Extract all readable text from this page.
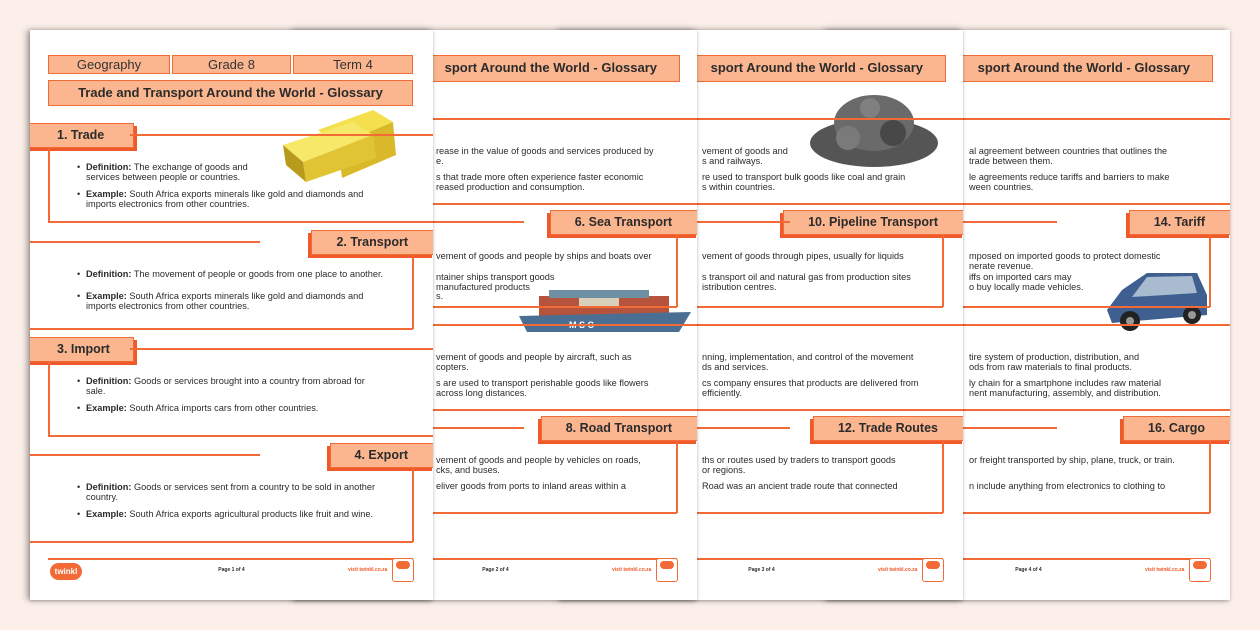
Geography	Grade 8	Term 4
Trade and Transport Around the World - Glossary
1. Trade
• Definition: The exchange of goods and
services between people or countries.
• Example: South Africa exports minerals like gold and diamonds and
imports electronics from other countries.
2. Transport
• Definition: The movement of people or goods from one place to another.
• Example: South Africa exports minerals like gold and diamonds and
imports electronics from other countries.
3. Import
• Definition: Goods or services brought into a country from abroad for
sale.
• Example: South Africa imports cars from other countries.
4. Export
• Definition: Goods or services sent from a country to be sold in another
country.
• Example: South Africa exports agricultural products like fruit and wine.
twinkl	Page 1 of 4	visit twinkl.co.za
sport Around the World - Glossary
rease in the value of goods and services produced by
e.
s that trade more often experience faster economic
reased production and consumption.
6. Sea Transport
vement of goods and people by ships and boats over
ntainer ships transport goods
manufactured products
s.
vement of goods and people by aircraft, such as
copters.
s are used to transport perishable goods like flowers
across long distances.
8. Road Transport
vement of goods and people by vehicles on roads,
cks, and buses.
eliver goods from ports to inland areas within a
Page 2 of 4	visit twinkl.co.za
sport Around the World - Glossary
vement of goods and
s and railways.
re used to transport bulk goods like coal and grain
s within countries.
10. Pipeline Transport
vement of goods through pipes, usually for liquids
s transport oil and natural gas from production sites
istribution centres.
nning, implementation, and control of the movement
ds and services.
cs company ensures that products are delivered from
efficiently.
12. Trade Routes
ths or routes used by traders to transport goods
or regions.
Road was an ancient trade route that connected
Page 3 of 4	visit twinkl.co.za
sport Around the World - Glossary
al agreement between countries that outlines the
trade between them.
le agreements reduce tariffs and barriers to make
ween countries.
14. Tariff
mposed on imported goods to protect domestic
nerate revenue.
iffs on imported cars may
o buy locally made vehicles.
tire system of production, distribution, and
ods from raw materials to final products.
ly chain for a smartphone includes raw material
nent manufacturing, assembly, and distribution.
16. Cargo
or freight transported by ship, plane, truck, or train.
n include anything from electronics to clothing to
Page 4 of 4	visit twinkl.co.za
